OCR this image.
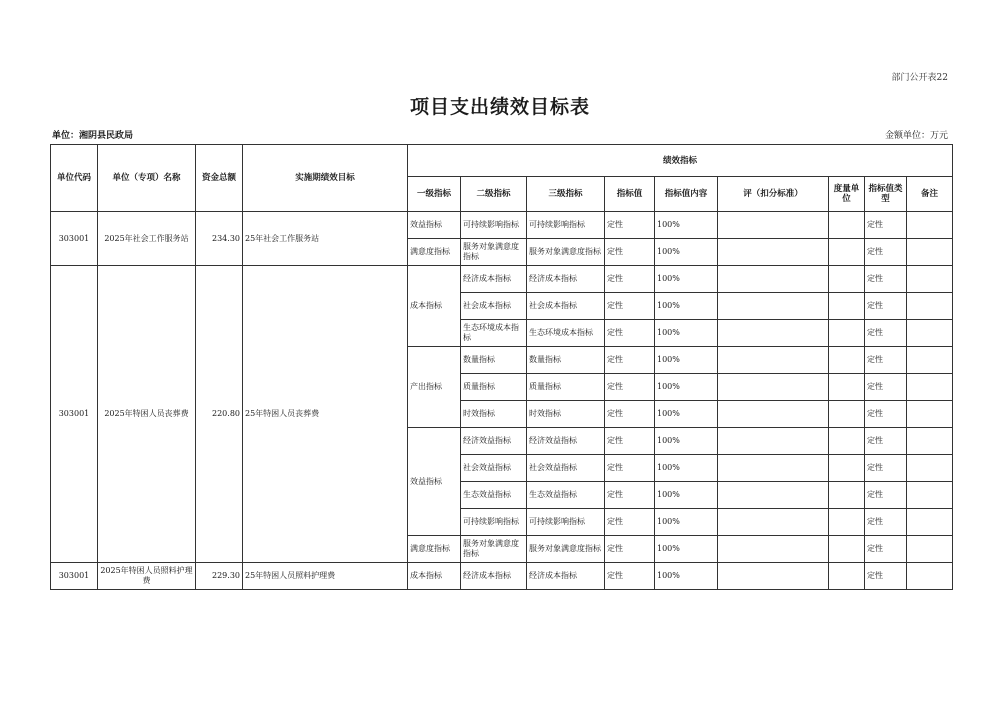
部门公开表22
项目支出绩效目标表
单位：湘阴县民政局	金额单位：万元
单位代码	单位（专项）名称	资金总额	实施期绩效目标	绩效指标								
				一级指标	二级指标	三级指标	指标值	指标值内容	评（扣分标准）	度量单位	指标值类型	备注
303001	2025年社会工作服务站	234.30	25年社会工作服务站	效益指标	可持续影响指标	可持续影响指标	定性	100%			定性	
				满意度指标	服务对象满意度指标	服务对象满意度指标	定性	100%			定性	
303001	2025年特困人员丧葬费	220.80	25年特困人员丧葬费	成本指标	经济成本指标	经济成本指标	定性	100%			定性	
					社会成本指标	社会成本指标	定性	100%			定性	
					生态环境成本指标	生态环境成本指标	定性	100%			定性	
				产出指标	数量指标	数量指标	定性	100%			定性	
					质量指标	质量指标	定性	100%			定性	
					时效指标	时效指标	定性	100%			定性	
				效益指标	经济效益指标	经济效益指标	定性	100%			定性	
					社会效益指标	社会效益指标	定性	100%			定性	
					生态效益指标	生态效益指标	定性	100%			定性	
					可持续影响指标	可持续影响指标	定性	100%			定性	
				满意度指标	服务对象满意度指标	服务对象满意度指标	定性	100%			定性	
303001	2025年特困人员照料护理费	229.30	25年特困人员照料护理费	成本指标	经济成本指标	经济成本指标	定性	100%			定性	
